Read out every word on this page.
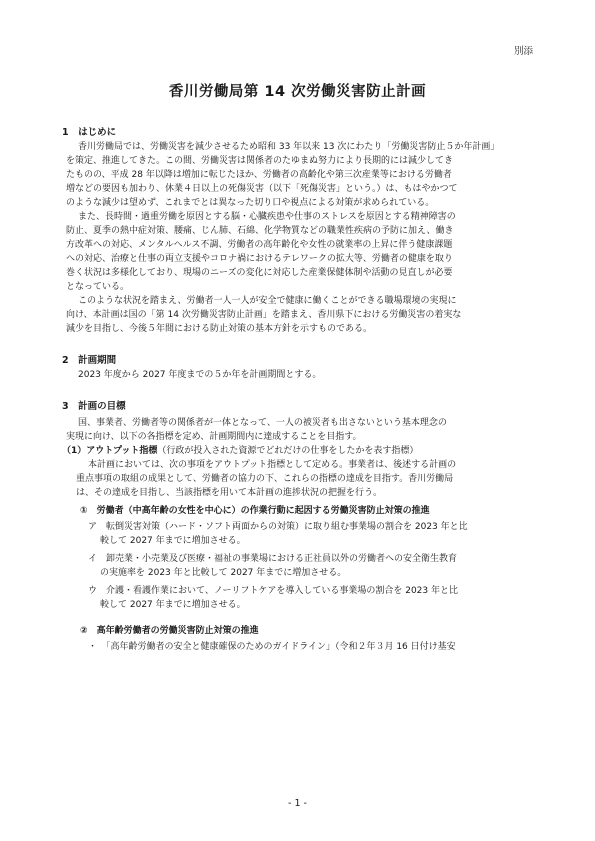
別添
香川労働局第 14 次労働災害防止計画
1　はじめに
香川労働局では、労働災害を減少させるため昭和 33 年以来 13 次にわたり「労働災害防止５か年計画」
を策定、推進してきた。この間、労働災害は関係者のたゆまぬ努力により長期的には減少してき
たものの、平成 28 年以降は増加に転じたほか、労働者の高齢化や第三次産業等における労働者
増などの要因も加わり、休業４日以上の死傷災害（以下「死傷災害」という。）は、もはやかつて
のような減少は望めず、これまでとは異なった切り口や視点による対策が求められている。
また、長時間・過重労働を原因とする脳・心臓疾患や仕事のストレスを原因とする精神障害の
防止、夏季の熱中症対策、腰痛、じん肺、石綿、化学物質などの職業性疾病の予防に加え、働き
方改革への対応、メンタルヘルス不調、労働者の高年齢化や女性の就業率の上昇に伴う健康課題
への対応、治療と仕事の両立支援やコロナ禍におけるテレワークの拡大等、労働者の健康を取り
巻く状況は多様化しており、現場のニーズの変化に対応した産業保健体制や活動の見直しが必要
となっている。
このような状況を踏まえ、労働者一人一人が安全で健康に働くことができる職場環境の実現に
向け、本計画は国の「第 14 次労働災害防止計画」を踏まえ、香川県下における労働災害の着実な
減少を目指し、今後５年間における防止対策の基本方針を示すものである。
2　計画期間
2023 年度から 2027 年度までの５か年を計画期間とする。
3　計画の目標
国、事業者、労働者等の関係者が一体となって、一人の被災者も出さないという基本理念の
実現に向け、以下の各指標を定め、計画期間内に達成することを目指す。
（1）アウトプット指標（行政が投入された資源でどれだけの仕事をしたかを表す指標）
本計画においては、次の事項をアウトプット指標として定める。事業者は、後述する計画の
重点事項の取組の成果として、労働者の協力の下、これらの指標の達成を目指す。香川労働局
は、その達成を目指し、当該指標を用いて本計画の進捗状況の把握を行う。
①　労働者（中高年齢の女性を中心に）の作業行動に起因する労働災害防止対策の推進
ア　転倒災害対策（ハード・ソフト両面からの対策）に取り組む事業場の割合を 2023 年と比
較して 2027 年までに増加させる。
イ　卸売業・小売業及び医療・福祉の事業場における正社員以外の労働者への安全衛生教育
の実施率を 2023 年と比較して 2027 年までに増加させる。
ウ　介護・看護作業において、ノーリフトケアを導入している事業場の割合を 2023 年と比
較して 2027 年までに増加させる。
②　高年齢労働者の労働災害防止対策の推進
・　「高年齢労働者の安全と健康確保のためのガイドライン」（令和２年３月 16 日付け基安
- 1 -
